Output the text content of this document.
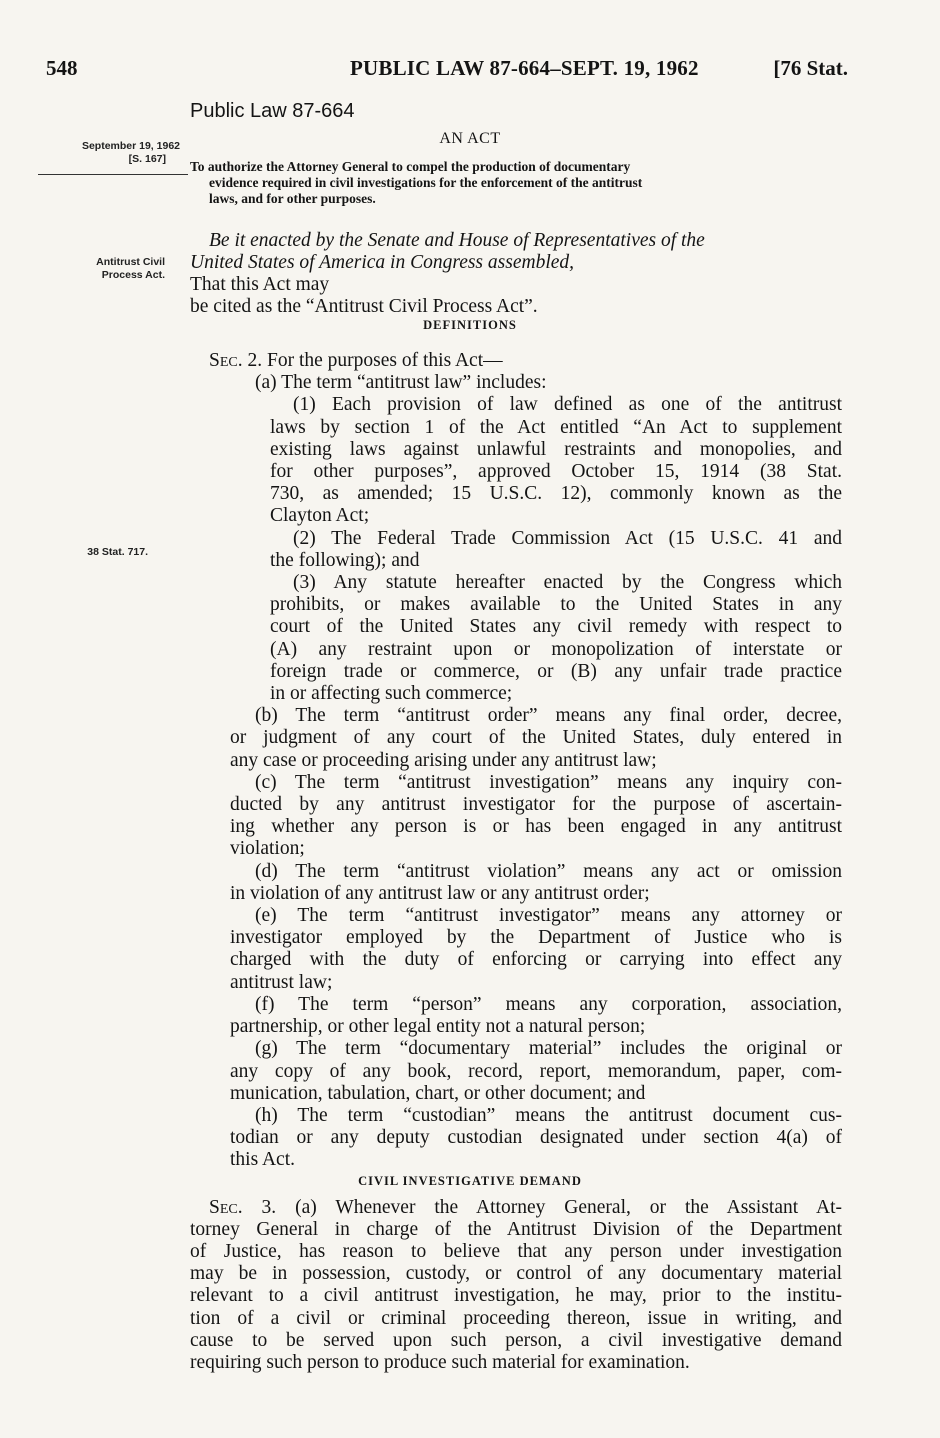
548	PUBLIC LAW 87-664–SEPT. 19, 1962	[76 Stat.
Public Law 87-664
AN ACT
September 19, 1962
[S. 167]	To authorize the Attorney General to compel the production of documentary
evidence required in civil investigations for the enforcement of the antitrust
laws, and for other purposes.
Antitrust Civil
Process Act.
Be it enacted by the Senate and House of Representatives of the
United States of America in Congress assembled,
That this Act may
be cited as the “Antitrust Civil Process Act”.
DEFINITIONS
38 Stat. 717.
Sec. 2. For the purposes of this Act—
(a) The term “antitrust law” includes:
(1) Each provision of law defined as one of the antitrust
laws by section 1 of the Act entitled “An Act to supplement
existing laws against unlawful restraints and monopolies, and
for other purposes”, approved October 15, 1914 (38 Stat.
730, as amended; 15 U.S.C. 12), commonly known as the
Clayton Act;
(2) The Federal Trade Commission Act (15 U.S.C. 41 and
the following); and
(3) Any statute hereafter enacted by the Congress which
prohibits, or makes available to the United States in any
court of the United States any civil remedy with respect to
(A) any restraint upon or monopolization of interstate or
foreign trade or commerce, or (B) any unfair trade practice
in or affecting such commerce;
(b) The term “antitrust order” means any final order, decree,
or judgment of any court of the United States, duly entered in
any case or proceeding arising under any antitrust law;
(c) The term “antitrust investigation” means any inquiry con-
ducted by any antitrust investigator for the purpose of ascertain-
ing whether any person is or has been engaged in any antitrust
violation;
(d) The term “antitrust violation” means any act or omission
in violation of any antitrust law or any antitrust order;
(e) The term “antitrust investigator” means any attorney or
investigator employed by the Department of Justice who is
charged with the duty of enforcing or carrying into effect any
antitrust law;
(f) The term “person” means any corporation, association,
partnership, or other legal entity not a natural person;
(g) The term “documentary material” includes the original or
any copy of any book, record, report, memorandum, paper, com-
munication, tabulation, chart, or other document; and
(h) The term “custodian” means the antitrust document cus-
todian or any deputy custodian designated under section 4(a) of
this Act.
CIVIL INVESTIGATIVE DEMAND
Sec. 3. (a) Whenever the Attorney General, or the Assistant At-
torney General in charge of the Antitrust Division of the Department
of Justice, has reason to believe that any person under investigation
may be in possession, custody, or control of any documentary material
relevant to a civil antitrust investigation, he may, prior to the institu-
tion of a civil or criminal proceeding thereon, issue in writing, and
cause to be served upon such person, a civil investigative demand
requiring such person to produce such material for examination.
